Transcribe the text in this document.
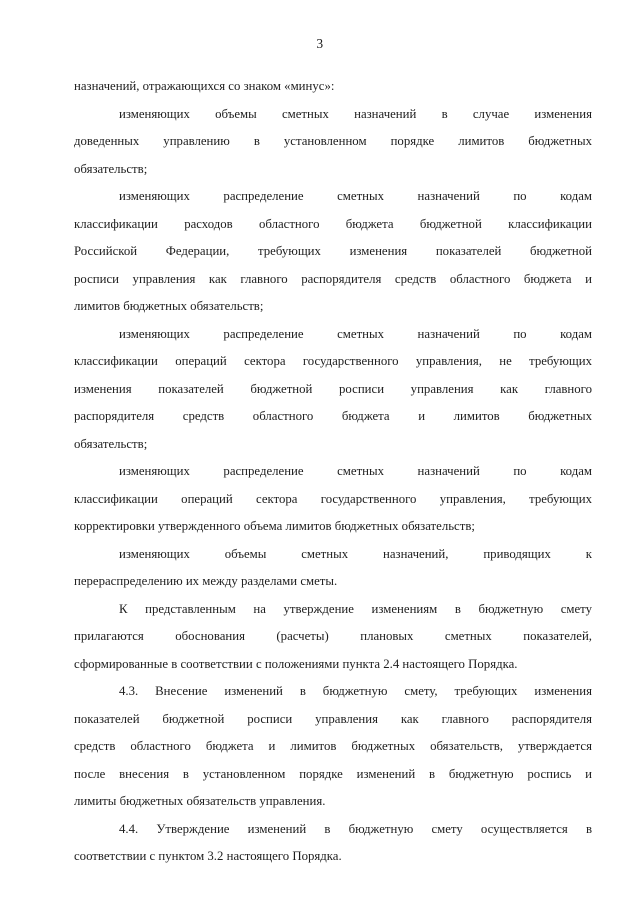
3
назначений, отражающихся со знаком «минус»:
изменяющих объемы сметных назначений в случае изменения
доведенных управлению в установленном порядке лимитов бюджетных
обязательств;
изменяющих распределение сметных назначений по кодам
классификации расходов областного бюджета бюджетной классификации
Российской Федерации, требующих изменения показателей бюджетной
росписи управления как главного распорядителя средств областного бюджета и
лимитов бюджетных обязательств;
изменяющих распределение сметных назначений по кодам
классификации операций сектора государственного управления, не требующих
изменения показателей бюджетной росписи управления как главного
распорядителя средств областного бюджета и лимитов бюджетных
обязательств;
изменяющих распределение сметных назначений по кодам
классификации операций сектора государственного управления, требующих
корректировки утвержденного объема лимитов бюджетных обязательств;
изменяющих объемы сметных назначений, приводящих к
перераспределению их между разделами сметы.
К представленным на утверждение изменениям в бюджетную смету
прилагаются обоснования (расчеты) плановых сметных показателей,
сформированные в соответствии с положениями пункта 2.4 настоящего Порядка.
4.3. Внесение изменений в бюджетную смету, требующих изменения
показателей бюджетной росписи управления как главного распорядителя
средств областного бюджета и лимитов бюджетных обязательств, утверждается
после внесения в установленном порядке изменений в бюджетную роспись и
лимиты бюджетных обязательств управления.
4.4. Утверждение изменений в бюджетную смету осуществляется в
соответствии с пунктом 3.2 настоящего Порядка.
